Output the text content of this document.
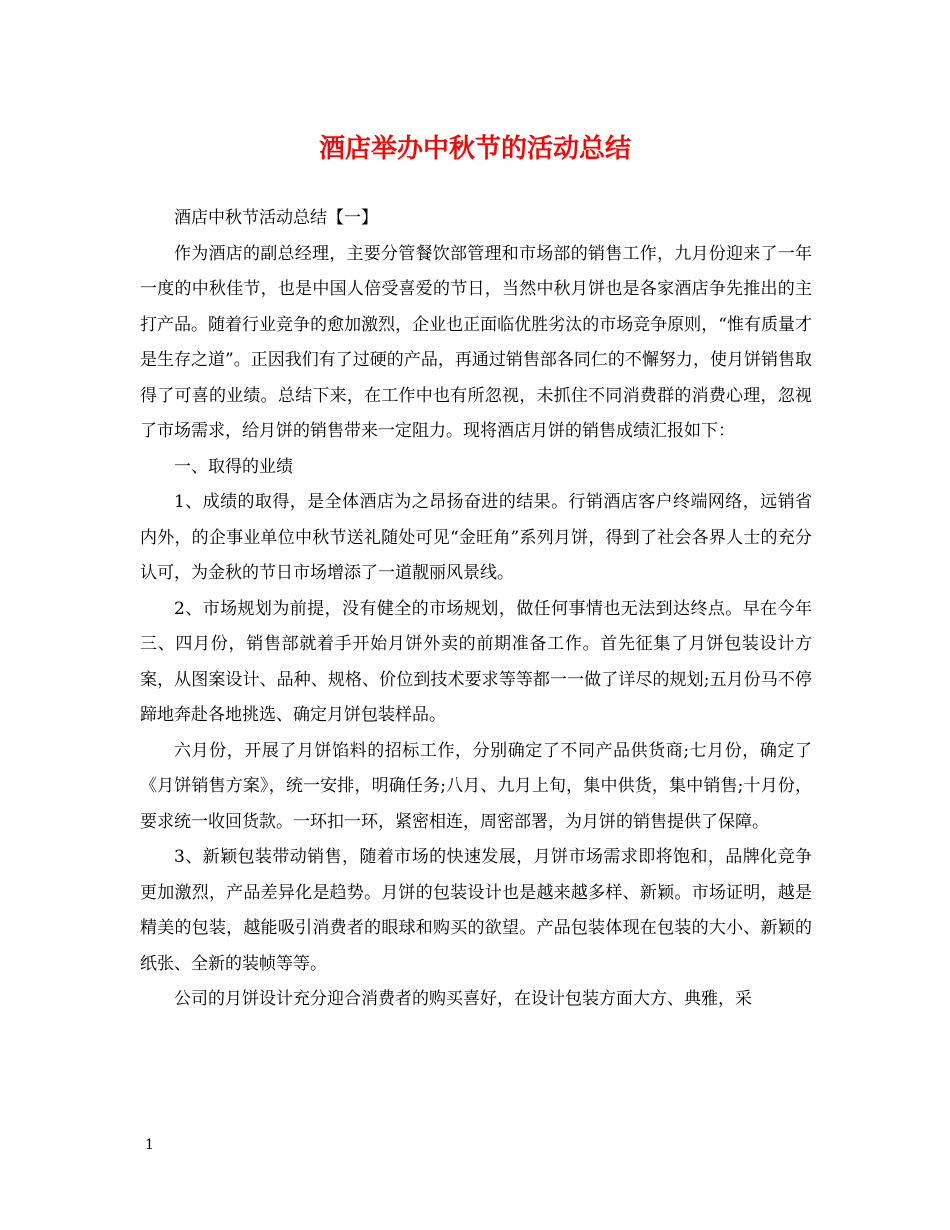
酒店举办中秋节的活动总结

酒店中秋节活动总结【一】

作为酒店的副总经理，主要分管餐饮部管理和市场部的销售工作，九月份迎来了一年一度的中秋佳节，也是中国人倍受喜爱的节日，当然中秋月饼也是各家酒店争先推出的主打产品。随着行业竞争的愈加激烈，企业也正面临优胜劣汰的市场竞争原则，“惟有质量才是生存之道”。正因我们有了过硬的产品，再通过销售部各同仁的不懈努力，使月饼销售取得了可喜的业绩。总结下来，在工作中也有所忽视，未抓住不同消费群的消费心理，忽视了市场需求，给月饼的销售带来一定阻力。现将酒店月饼的销售成绩汇报如下：

一、取得的业绩

1、成绩的取得，是全体酒店为之昂扬奋进的结果。行销酒店客户终端网络，远销省内外，的企事业单位中秋节送礼随处可见“金旺角”系列月饼，得到了社会各界人士的充分认可，为金秋的节日市场增添了一道靓丽风景线。

2、市场规划为前提，没有健全的市场规划，做任何事情也无法到达终点。早在今年三、四月份，销售部就着手开始月饼外卖的前期准备工作。首先征集了月饼包装设计方案，从图案设计、品种、规格、价位到技术要求等等都一一做了详尽的规划;五月份马不停蹄地奔赴各地挑选、确定月饼包装样品。

六月份，开展了月饼馅料的招标工作，分别确定了不同产品供货商;七月份，确定了《月饼销售方案》，统一安排，明确任务;八月、九月上旬，集中供货，集中销售;十月份，要求统一收回货款。一环扣一环，紧密相连，周密部署，为月饼的销售提供了保障。

3、新颖包装带动销售，随着市场的快速发展，月饼市场需求即将饱和，品牌化竞争更加激烈，产品差异化是趋势。月饼的包装设计也是越来越多样、新颖。市场证明，越是精美的包装，越能吸引消费者的眼球和购买的欲望。产品包装体现在包装的大小、新颖的纸张、全新的装帧等等。

公司的月饼设计充分迎合消费者的购买喜好，在设计包装方面大方、典雅，采

1
